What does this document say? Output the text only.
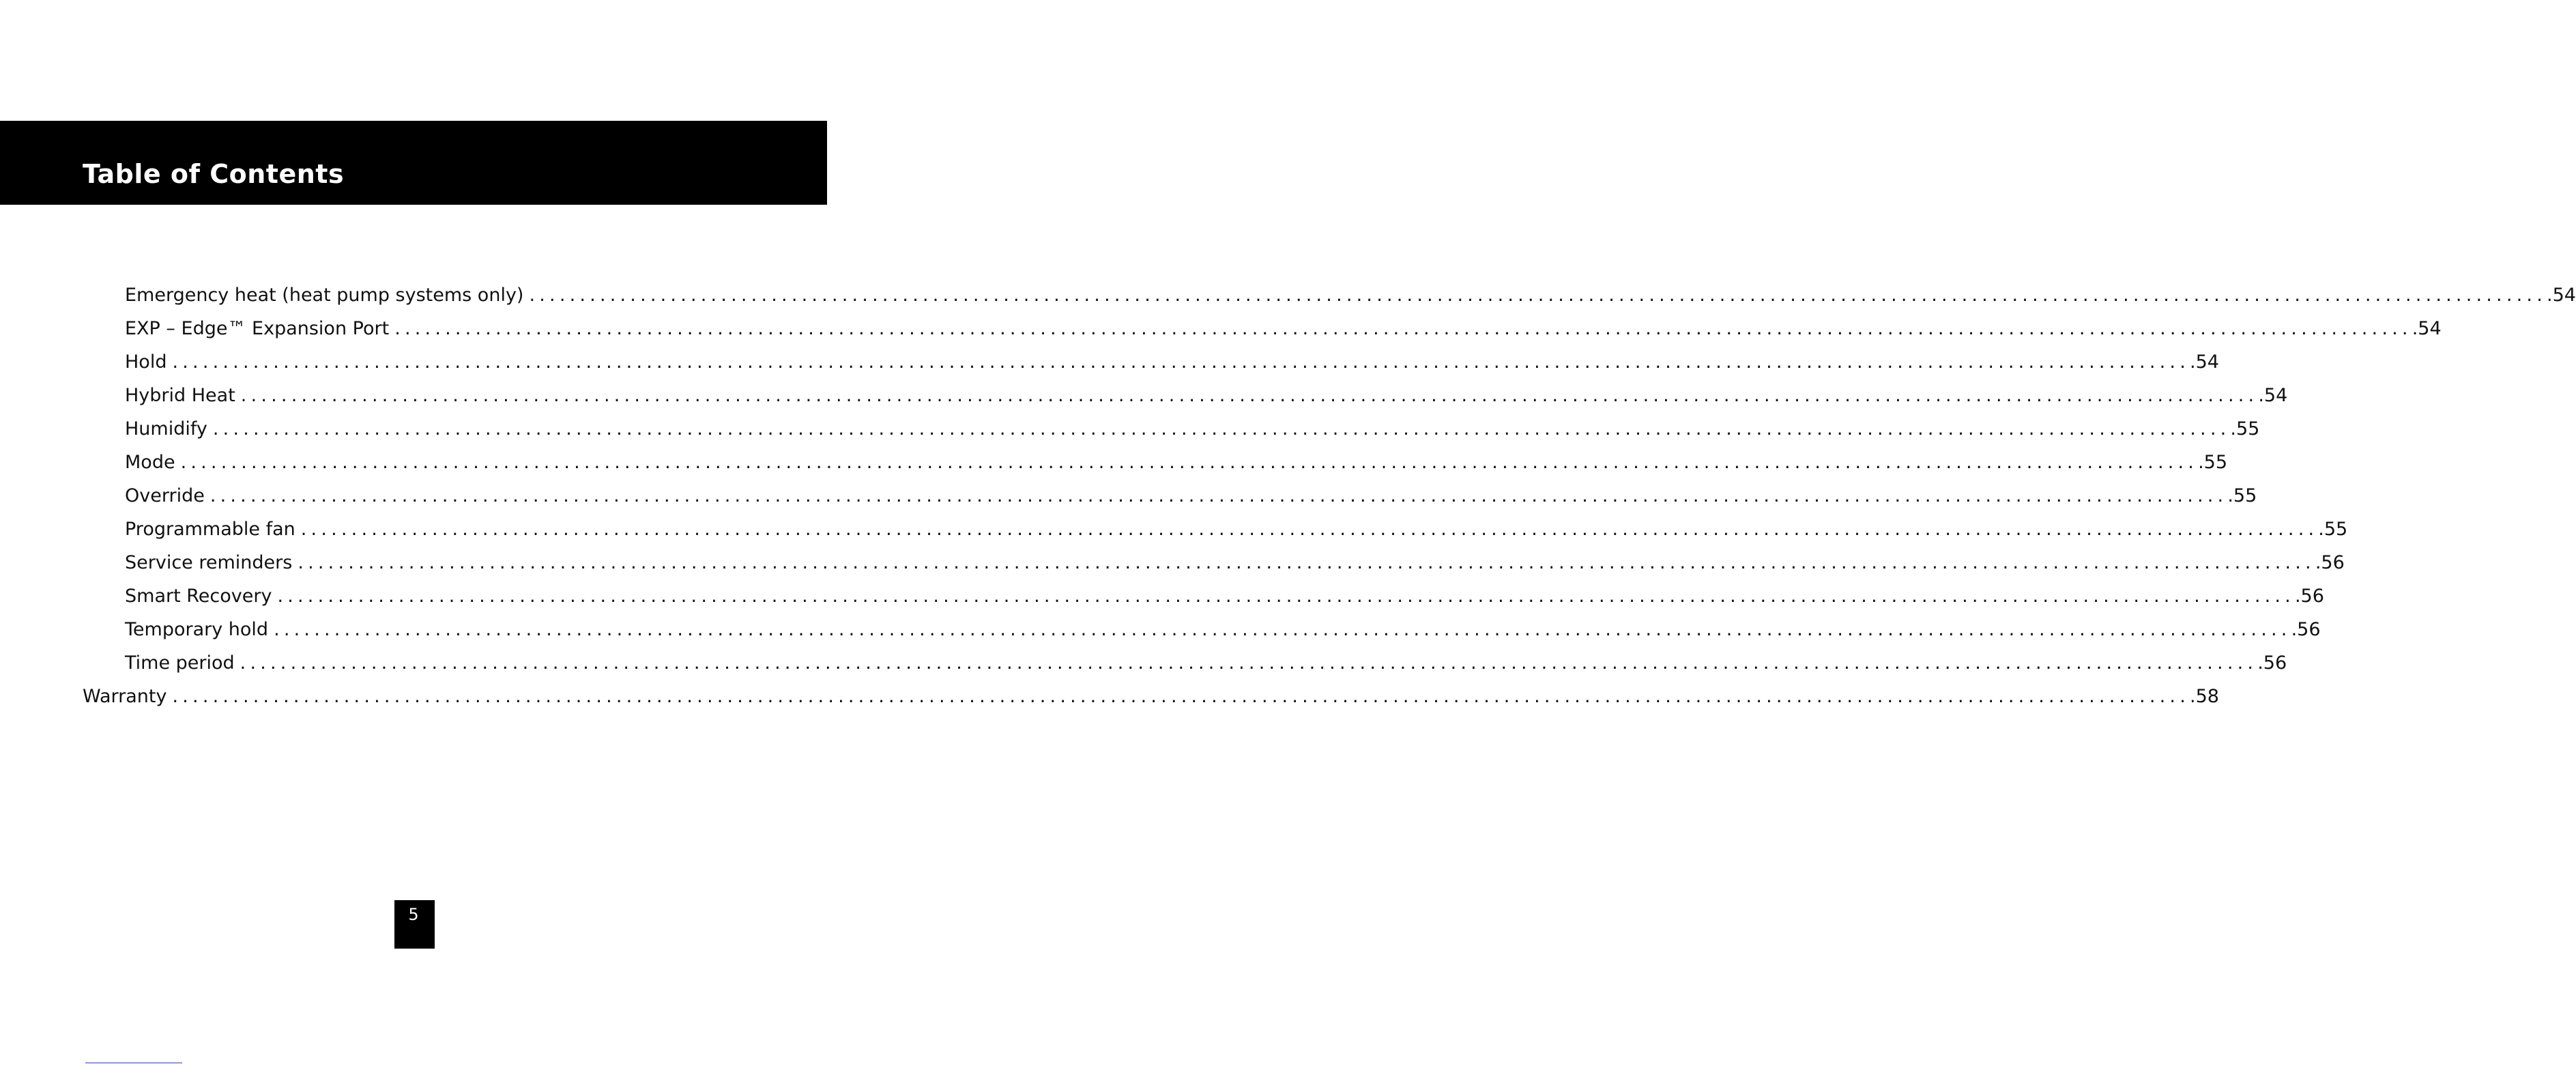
Table of Contents
Emergency heat (heat pump systems only) ........................................................................................................................................................................................................ .54
EXP – Edge™ Expansion Port ........................................................................................................................................................................................................ .54
Hold ........................................................................................................................................................................................................ .54
Hybrid Heat ........................................................................................................................................................................................................ .54
Humidify ........................................................................................................................................................................................................ .55
Mode ........................................................................................................................................................................................................ .55
Override ........................................................................................................................................................................................................ .55
Programmable fan ........................................................................................................................................................................................................ .55
Service reminders ........................................................................................................................................................................................................ .56
Smart Recovery ........................................................................................................................................................................................................ .56
Temporary hold ........................................................................................................................................................................................................ .56
Time period ........................................................................................................................................................................................................ .56
Warranty ........................................................................................................................................................................................................ .58
5
